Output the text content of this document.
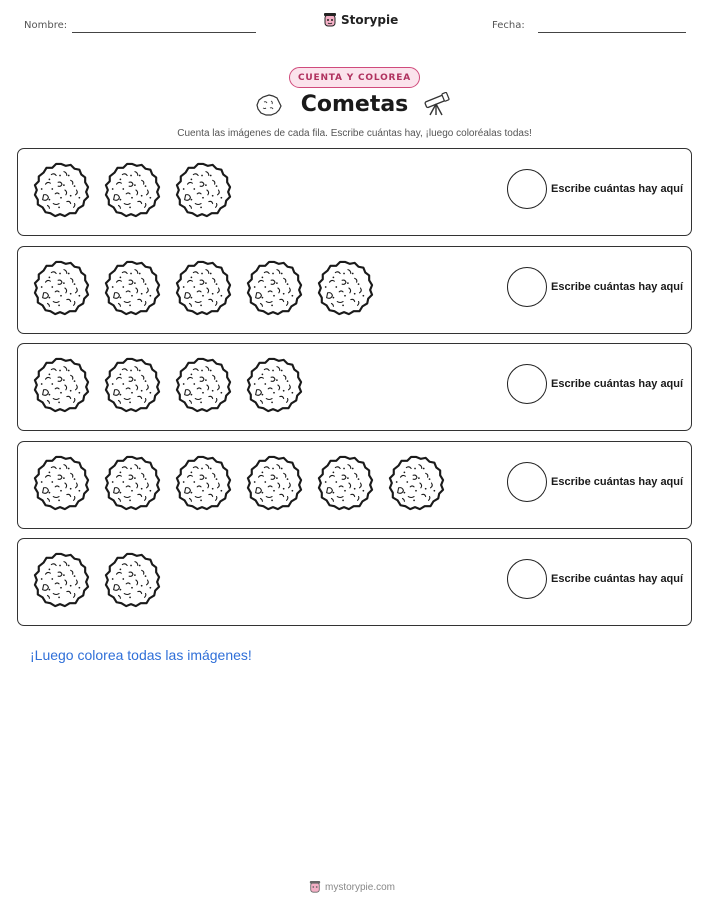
Nombre:	Storypie	Fecha:
CUENTA Y COLOREA
Cometas
Cuenta las imágenes de cada fila. Escribe cuántas hay, ¡luego coloréalas todas!
Escribe cuántas hay aquí
Escribe cuántas hay aquí
Escribe cuántas hay aquí
Escribe cuántas hay aquí
Escribe cuántas hay aquí
¡Luego colorea todas las imágenes!
mystorypie.com
